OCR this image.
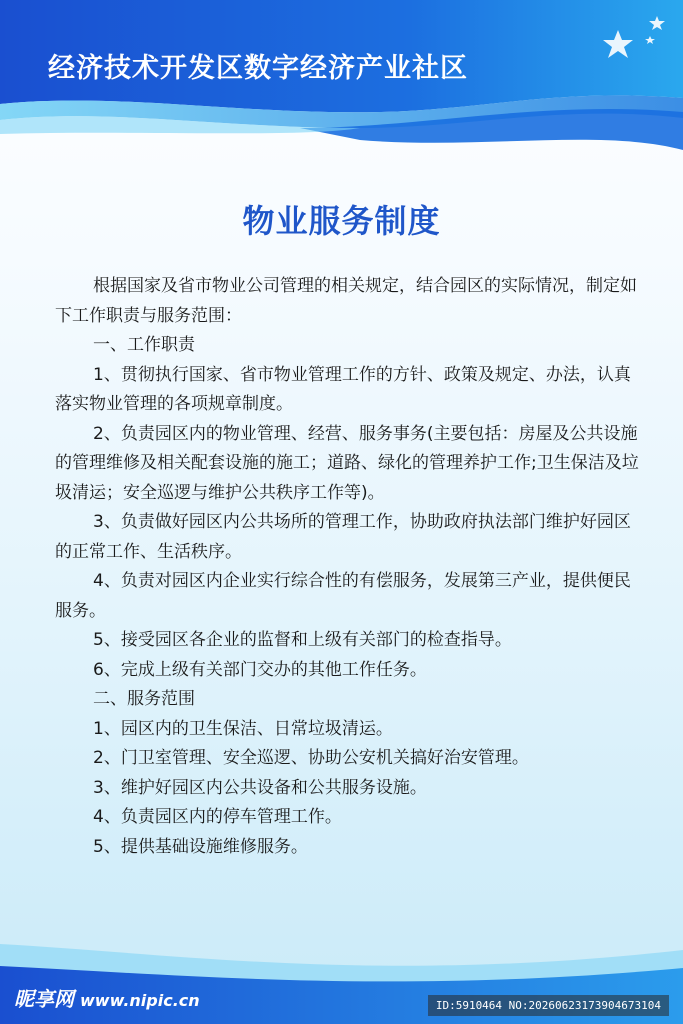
经济技术开发区数字经济产业社区
物业服务制度

根据国家及省市物业公司管理的相关规定，结合园区的实际情况，制定如下工作职责与服务范围：

一、工作职责

1、贯彻执行国家、省市物业管理工作的方针、政策及规定、办法，认真落实物业管理的各项规章制度。

2、负责园区内的物业管理、经营、服务事务(主要包括：房屋及公共设施的管理维修及相关配套设施的施工；道路、绿化的管理养护工作;卫生保洁及垃圾清运；安全巡逻与维护公共秩序工作等)。

3、负责做好园区内公共场所的管理工作，协助政府执法部门维护好园区的正常工作、生活秩序。

4、负责对园区内企业实行综合性的有偿服务，发展第三产业，提供便民服务。

5、接受园区各企业的监督和上级有关部门的检查指导。

6、完成上级有关部门交办的其他工作任务。

二、服务范围

1、园区内的卫生保洁、日常垃圾清运。

2、门卫室管理、安全巡逻、协助公安机关搞好治安管理。

3、维护好园区内公共设备和公共服务设施。

4、负责园区内的停车管理工作。

5、提供基础设施维修服务。

昵享网 www.nipic.cn	ID:5910464 NO:20260623173904673104
